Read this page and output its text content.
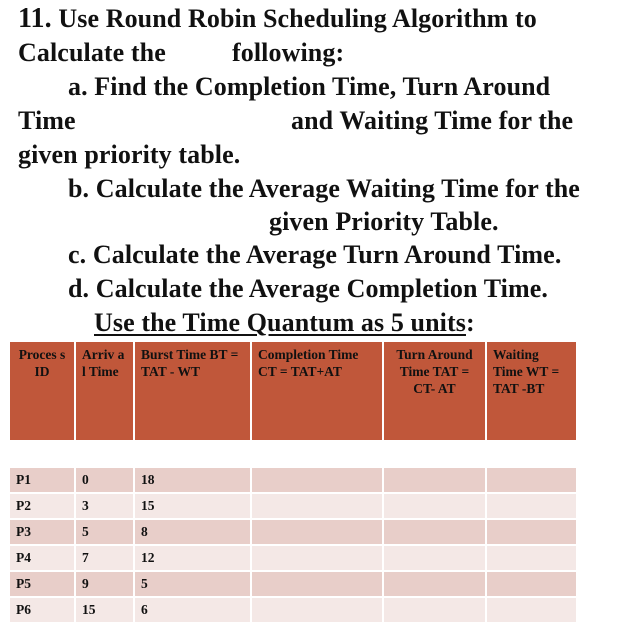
11. Use Round Robin Scheduling Algorithm to
Calculate the	following:
a. Find the Completion Time, Turn Around
Time	and Waiting Time for the
given priority table.
b. Calculate the Average Waiting Time for the
given Priority Table.
c. Calculate the Average Turn Around Time.
d. Calculate the Average Completion Time.
Use the Time Quantum as 5 units:
Proces s ID	Arriv al Time	Burst Time BT = TAT - WT	Completion Time CT = TAT+AT	Turn Around Time TAT = CT- AT	Waiting Time WT = TAT -BT

P1	0	18			
P2	3	15			
P3	5	8			
P4	7	12			
P5	9	5			
P6	15	6			
